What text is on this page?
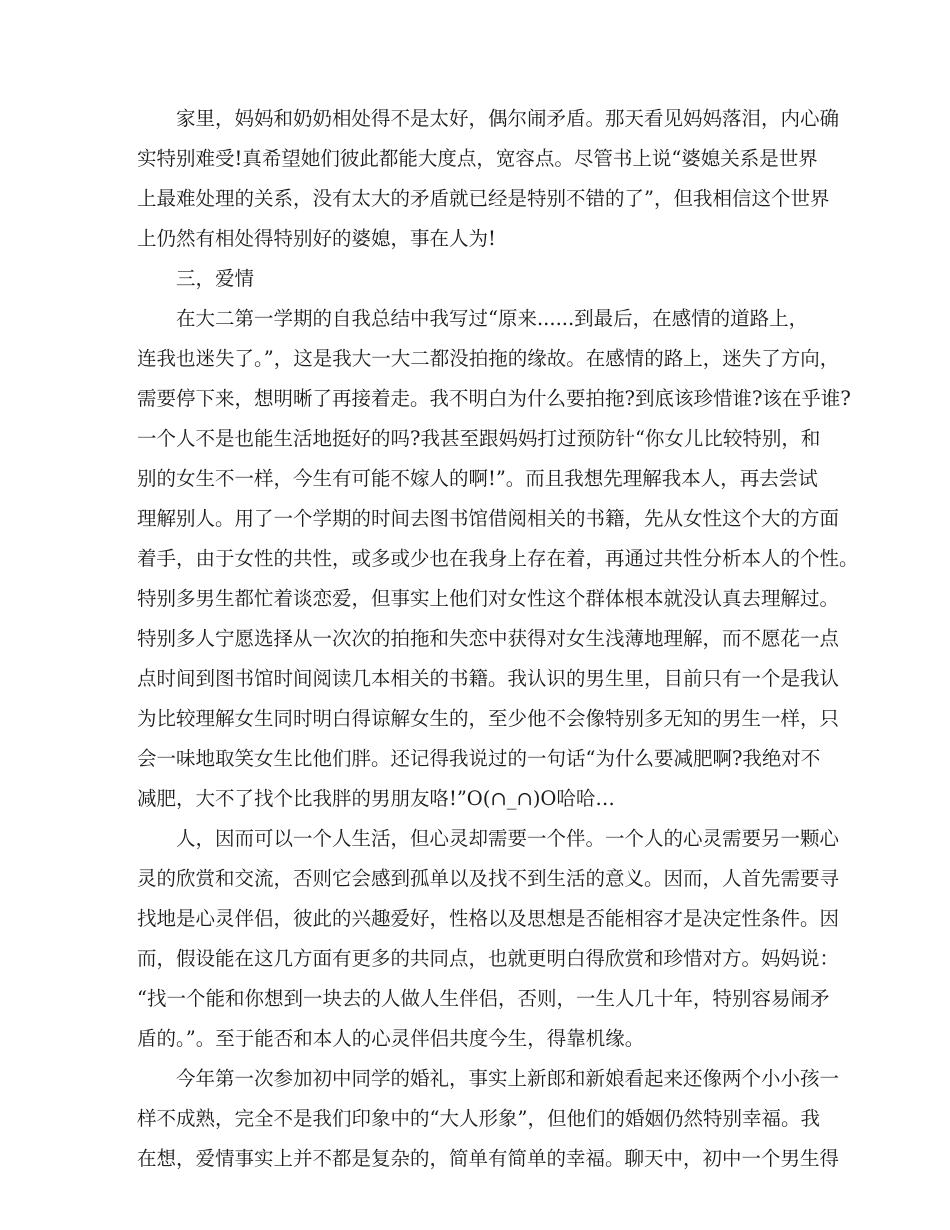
家里，妈妈和奶奶相处得不是太好，偶尔闹矛盾。那天看见妈妈落泪，内心确
实特别难受!真希望她们彼此都能大度点，宽容点。尽管书上说“婆媳关系是世界
上最难处理的关系，没有太大的矛盾就已经是特别不错的了”，但我相信这个世界
上仍然有相处得特别好的婆媳，事在人为!
三，爱情
在大二第一学期的自我总结中我写过“原来......到最后，在感情的道路上，
连我也迷失了。”，这是我大一大二都没拍拖的缘故。在感情的路上，迷失了方向，
需要停下来，想明晰了再接着走。我不明白为什么要拍拖?到底该珍惜谁?该在乎谁?
一个人不是也能生活地挺好的吗?我甚至跟妈妈打过预防针“你女儿比较特别，和
别的女生不一样，今生有可能不嫁人的啊!”。而且我想先理解我本人，再去尝试
理解别人。用了一个学期的时间去图书馆借阅相关的书籍，先从女性这个大的方面
着手，由于女性的共性，或多或少也在我身上存在着，再通过共性分析本人的个性。
特别多男生都忙着谈恋爱，但事实上他们对女性这个群体根本就没认真去理解过。
特别多人宁愿选择从一次次的拍拖和失恋中获得对女生浅薄地理解，而不愿花一点
点时间到图书馆时间阅读几本相关的书籍。我认识的男生里，目前只有一个是我认
为比较理解女生同时明白得谅解女生的，至少他不会像特别多无知的男生一样，只
会一味地取笑女生比他们胖。还记得我说过的一句话“为什么要减肥啊?我绝对不
减肥，大不了找个比我胖的男朋友咯!”O(∩_∩)O哈哈…
人，因而可以一个人生活，但心灵却需要一个伴。一个人的心灵需要另一颗心
灵的欣赏和交流，否则它会感到孤单以及找不到生活的意义。因而，人首先需要寻
找地是心灵伴侣，彼此的兴趣爱好，性格以及思想是否能相容才是决定性条件。因
而，假设能在这几方面有更多的共同点，也就更明白得欣赏和珍惜对方。妈妈说：
“找一个能和你想到一块去的人做人生伴侣，否则，一生人几十年，特别容易闹矛
盾的。”。至于能否和本人的心灵伴侣共度今生，得靠机缘。
今年第一次参加初中同学的婚礼，事实上新郎和新娘看起来还像两个小小孩一
样不成熟，完全不是我们印象中的“大人形象”，但他们的婚姻仍然特别幸福。我
在想，爱情事实上并不都是复杂的，简单有简单的幸福。聊天中，初中一个男生得
